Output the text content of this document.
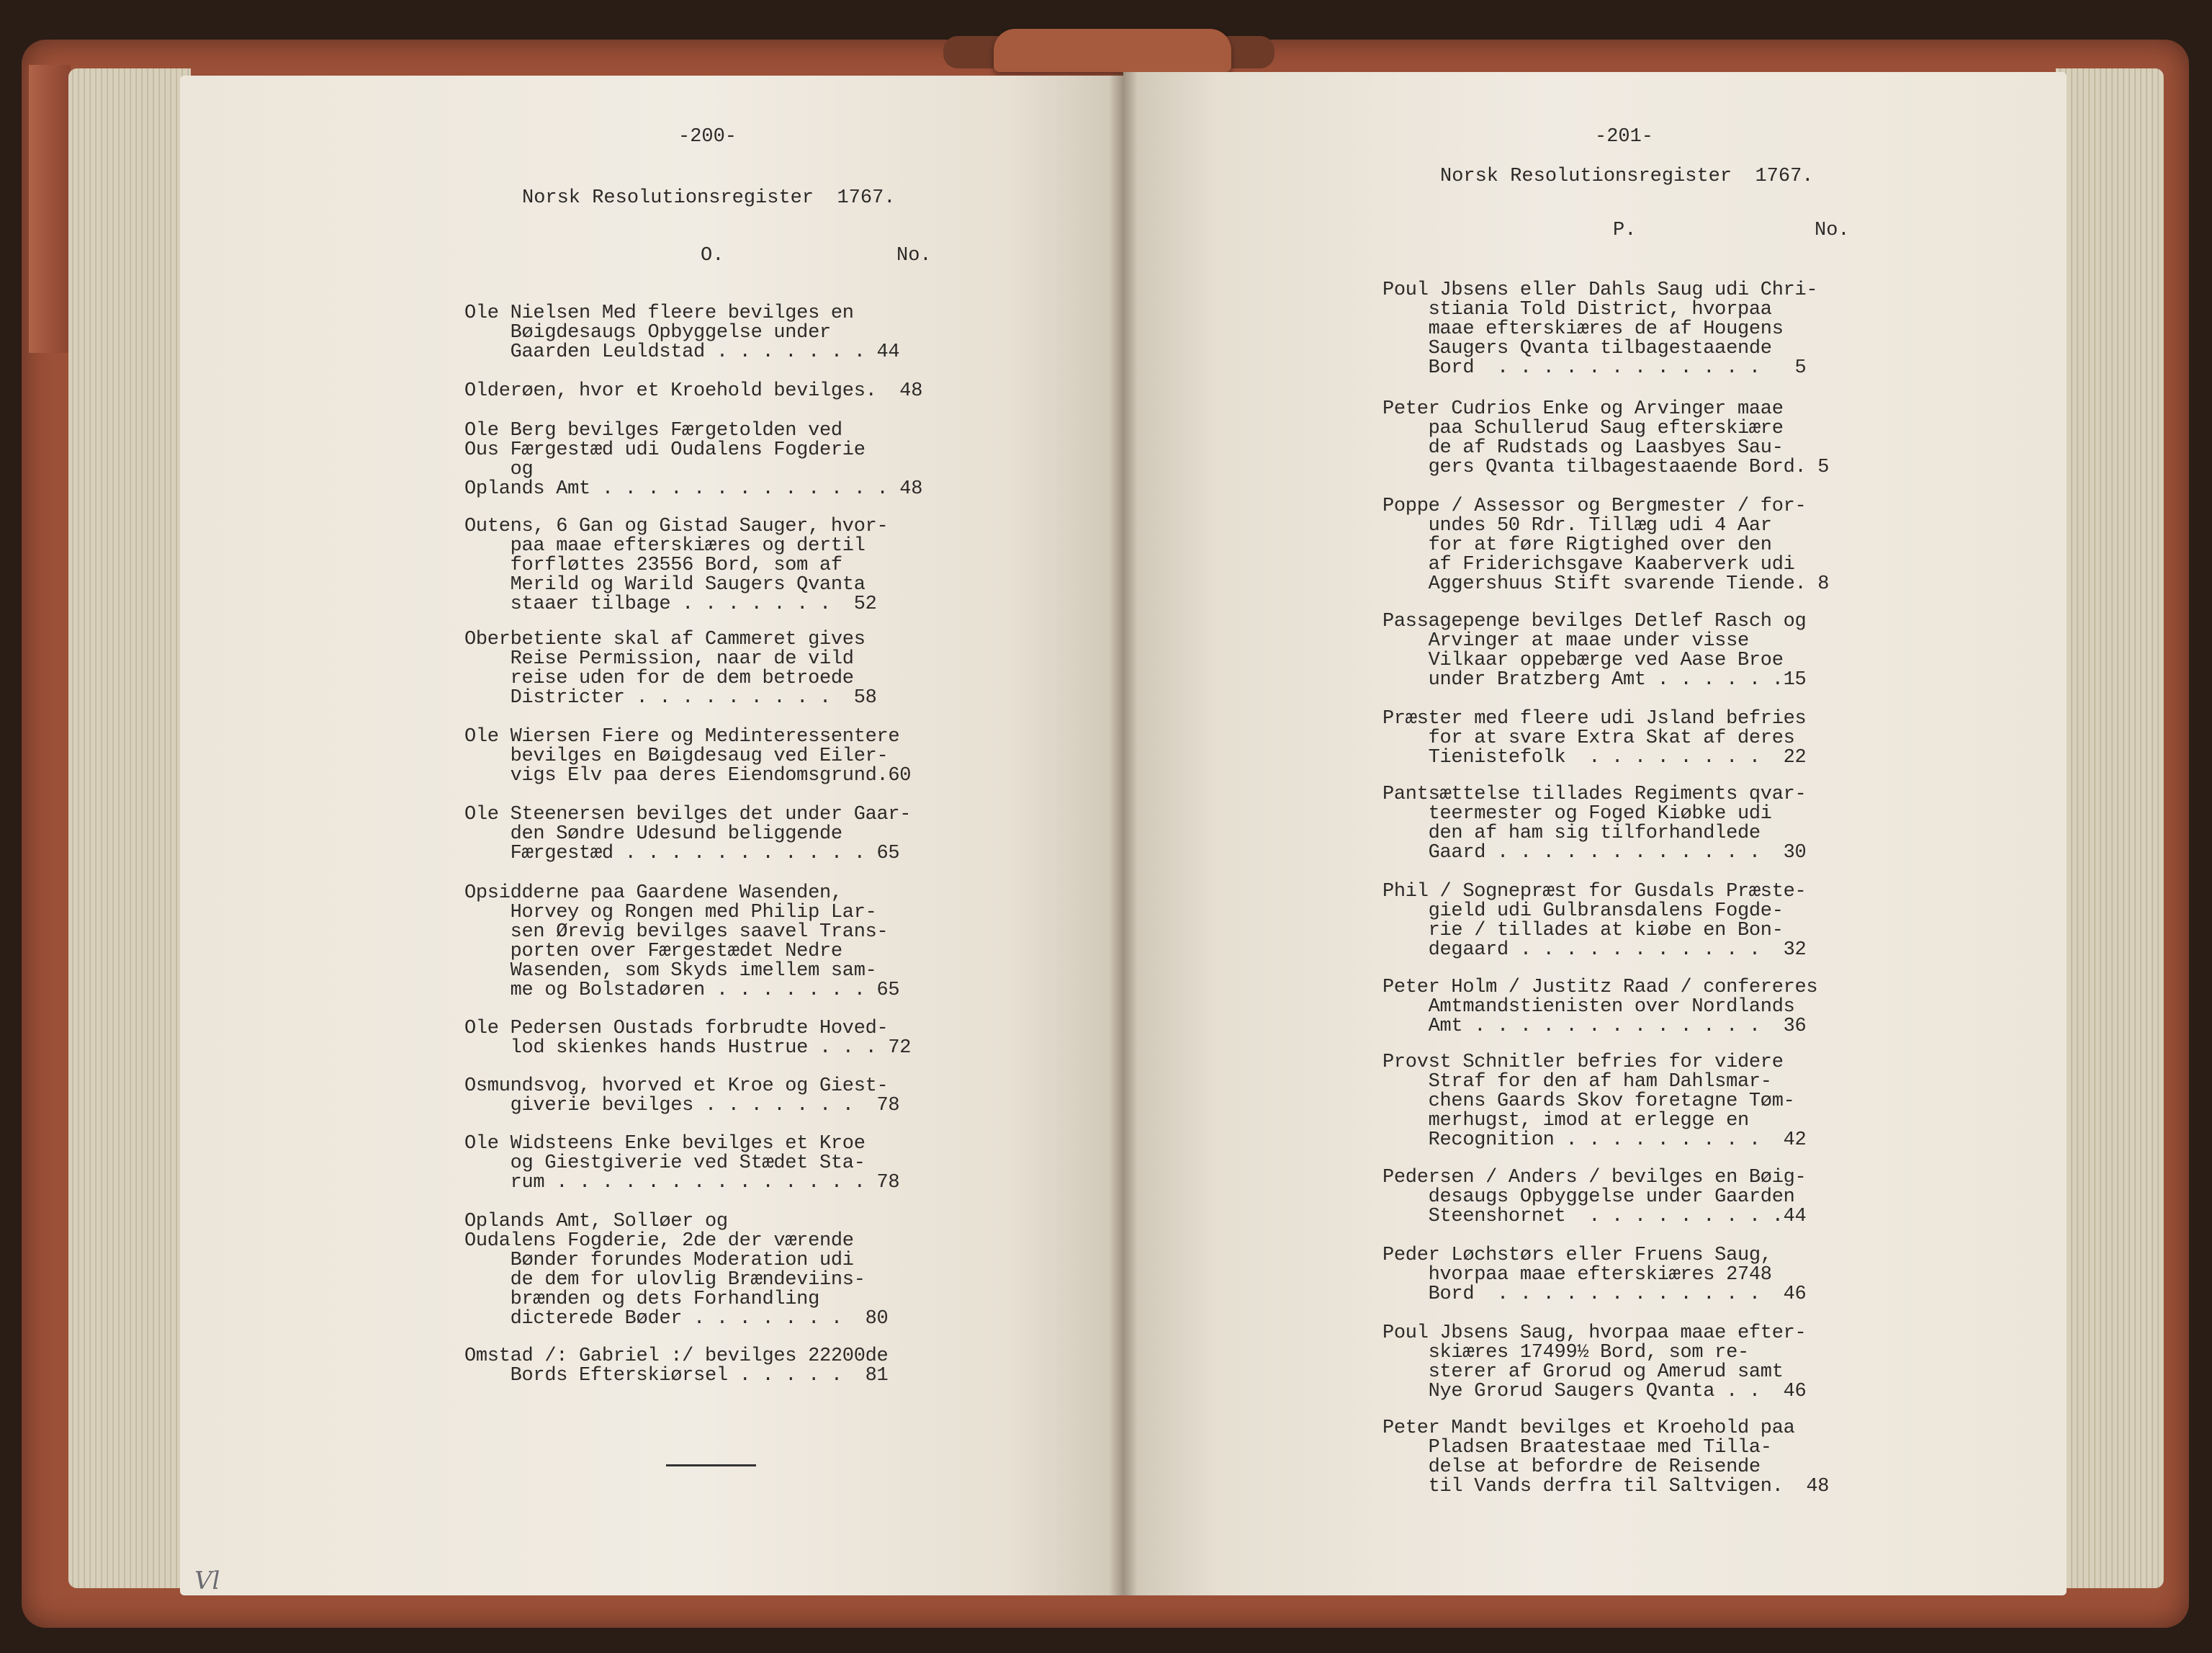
-200-
Norsk Resolutionsregister  1767.
O.	No.
Ole Nielsen Med fleere bevilges en
Bøigdesaugs Opbyggelse under
Gaarden Leuldstad . . . . . . . 44
Olderøen, hvor et Kroehold bevilges.  48
Ole Berg bevilges Færgetolden ved
Ous Færgestæd udi Oudalens Fogderie
og
Oplands Amt . . . . . . . . . . . . . 48
Outens, 6 Gan og Gistad Sauger, hvor-
paa maae efterskiæres og dertil
forfløttes 23556 Bord, som af
Merild og Warild Saugers Qvanta
staaer tilbage . . . . . . .  52
Oberbetiente skal af Cammeret gives
Reise Permission, naar de vild
reise uden for de dem betroede
Districter . . . . . . . . .  58
Ole Wiersen Fiere og Medinteressentere
bevilges en Bøigdesaug ved Eiler-
vigs Elv paa deres Eiendomsgrund.60
Ole Steenersen bevilges det under Gaar-
den Søndre Udesund beliggende
Færgestæd . . . . . . . . . . . 65
Opsidderne paa Gaardene Wasenden,
Horvey og Rongen med Philip Lar-
sen Ørevig bevilges saavel Trans-
porten over Færgestædet Nedre
Wasenden, som Skyds imellem sam-
me og Bolstadøren . . . . . . . 65
Ole Pedersen Oustads forbrudte Hoved-
lod skienkes hands Hustrue . . . 72
Osmundsvog, hvorved et Kroe og Giest-
giverie bevilges . . . . . . .  78
Ole Widsteens Enke bevilges et Kroe
og Giestgiverie ved Stædet Sta-
rum . . . . . . . . . . . . . . 78
Oplands Amt, Solløer og
Oudalens Fogderie, 2de der værende
Bønder forundes Moderation udi
de dem for ulovlig Brændeviins-
brænden og dets Forhandling
dicterede Bøder . . . . . . .  80
Omstad /: Gabriel :/ bevilges 22200de
Bords Efterskiørsel . . . . .  81
Vl
-201-
Norsk Resolutionsregister  1767.
P.	No.
Poul Jbsens eller Dahls Saug udi Chri-
stiania Told District, hvorpaa
maae efterskiæres de af Hougens
Saugers Qvanta tilbagestaaende
Bord  . . . . . . . . . . . .   5
Peter Cudrios Enke og Arvinger maae
paa Schullerud Saug efterskiære
de af Rudstads og Laasbyes Sau-
gers Qvanta tilbagestaaende Bord. 5
Poppe / Assessor og Bergmester / for-
undes 50 Rdr. Tillæg udi 4 Aar
for at føre Rigtighed over den
af Friderichsgave Kaaberverk udi
Aggershuus Stift svarende Tiende. 8
Passagepenge bevilges Detlef Rasch og
Arvinger at maae under visse
Vilkaar oppebærge ved Aase Broe
under Bratzberg Amt . . . . . .15
Præster med fleere udi Jsland befries
for at svare Extra Skat af deres
Tienistefolk  . . . . . . . .  22
Pantsættelse tillades Regiments qvar-
teermester og Foged Kiøbke udi
den af ham sig tilforhandlede
Gaard . . . . . . . . . . . .  30
Phil / Sognepræst for Gusdals Præste-
gield udi Gulbransdalens Fogde-
rie / tillades at kiøbe en Bon-
degaard . . . . . . . . . . .  32
Peter Holm / Justitz Raad / confereres
Amtmandstienisten over Nordlands
Amt . . . . . . . . . . . . .  36
Provst Schnitler befries for videre
Straf for den af ham Dahlsmar-
chens Gaards Skov foretagne Tøm-
merhugst, imod at erlegge en
Recognition . . . . . . . . .  42
Pedersen / Anders / bevilges en Bøig-
desaugs Opbyggelse under Gaarden
Steenshornet  . . . . . . . . .44
Peder Løchstørs eller Fruens Saug,
hvorpaa maae efterskiæres 2748
Bord  . . . . . . . . . . . .  46
Poul Jbsens Saug, hvorpaa maae efter-
skiæres 17499½ Bord, som re-
sterer af Grorud og Amerud samt
Nye Grorud Saugers Qvanta . .  46
Peter Mandt bevilges et Kroehold paa
Pladsen Braatestaae med Tilla-
delse at befordre de Reisende
til Vands derfra til Saltvigen.  48
